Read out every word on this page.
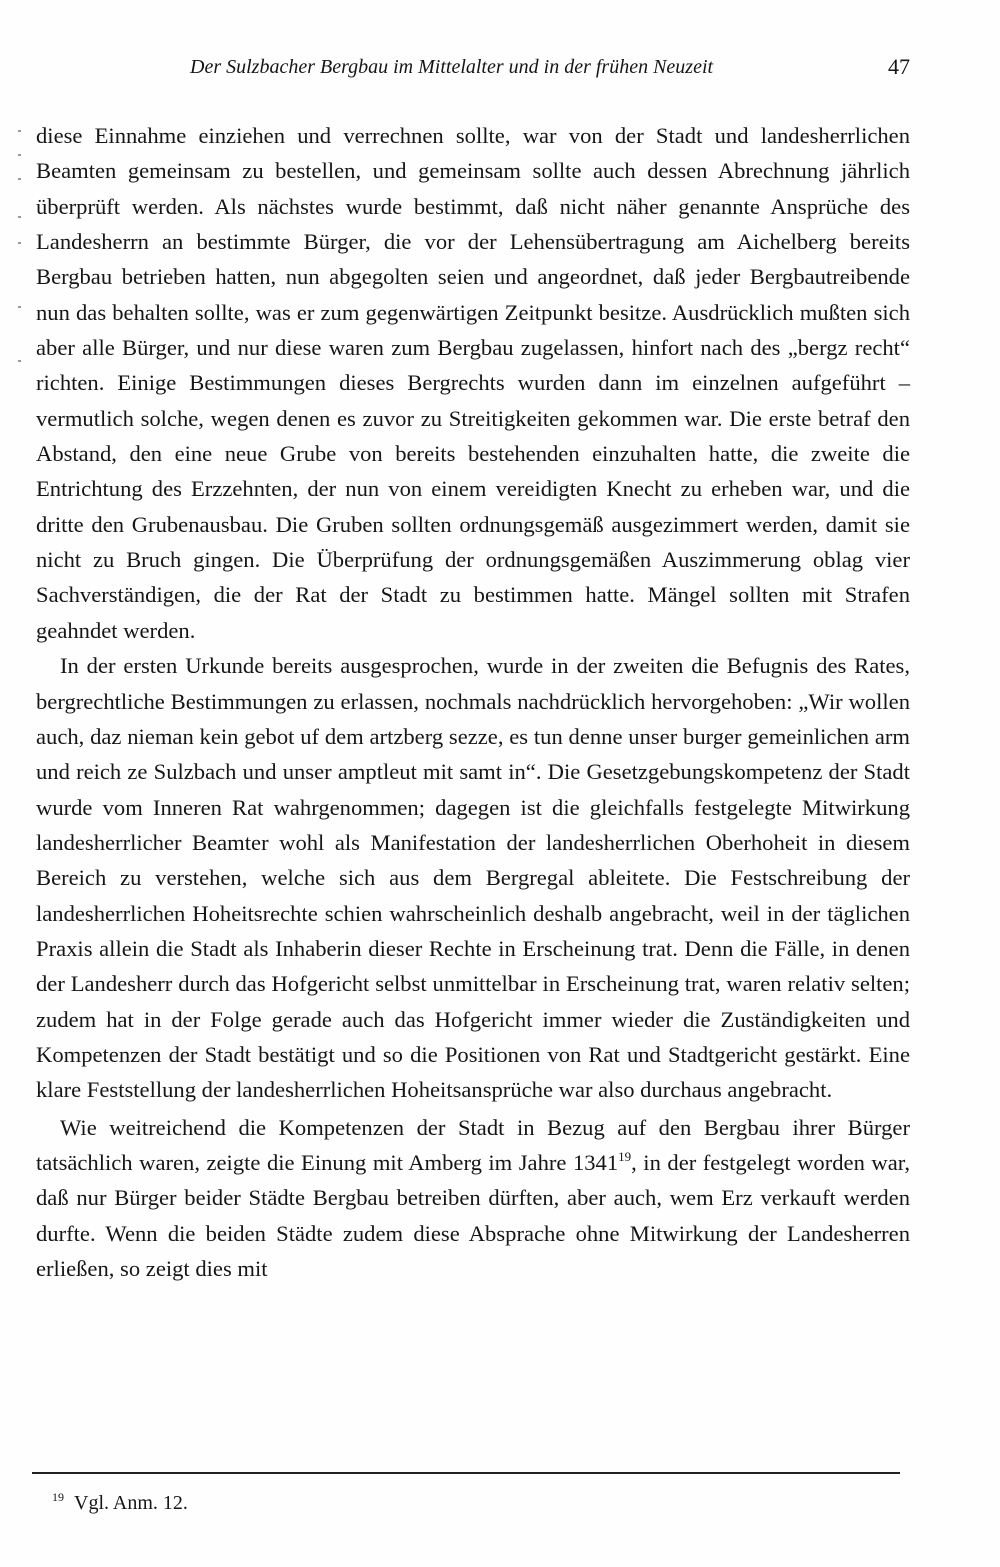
Der Sulzbacher Bergbau im Mittelalter und in der frühen Neuzeit	47

diese Einnahme einziehen und verrechnen sollte, war von der Stadt und landesherrlichen Beamten gemeinsam zu bestellen, und gemeinsam sollte auch dessen Abrechnung jährlich überprüft werden. Als nächstes wurde bestimmt, daß nicht näher genannte Ansprüche des Landesherrn an bestimmte Bürger, die vor der Lehensübertragung am Aichelberg bereits Bergbau betrieben hatten, nun abgegolten seien und angeordnet, daß jeder Bergbautreibende nun das behalten sollte, was er zum gegenwärtigen Zeitpunkt besitze. Ausdrücklich mußten sich aber alle Bürger, und nur diese waren zum Bergbau zugelassen, hinfort nach des „bergz recht“ richten. Einige Bestimmungen dieses Bergrechts wurden dann im einzelnen aufgeführt – vermutlich solche, wegen denen es zuvor zu Streitigkeiten gekommen war. Die erste betraf den Abstand, den eine neue Grube von bereits bestehenden einzuhalten hatte, die zweite die Entrichtung des Erzzehnten, der nun von einem vereidigten Knecht zu erheben war, und die dritte den Grubenausbau. Die Gruben sollten ordnungsgemäß ausgezimmert werden, damit sie nicht zu Bruch gingen. Die Überprüfung der ordnungsgemäßen Auszimmerung oblag vier Sachverständigen, die der Rat der Stadt zu bestimmen hatte. Mängel sollten mit Strafen geahndet werden.

In der ersten Urkunde bereits ausgesprochen, wurde in der zweiten die Befugnis des Rates, bergrechtliche Bestimmungen zu erlassen, nochmals nachdrücklich hervorgehoben: „Wir wollen auch, daz nieman kein gebot uf dem artzberg sezze, es tun denne unser burger gemeinlichen arm und reich ze Sulzbach und unser amptleut mit samt in“. Die Gesetzgebungskompetenz der Stadt wurde vom Inneren Rat wahrgenommen; dagegen ist die gleichfalls festgelegte Mitwirkung landesherrlicher Beamter wohl als Manifestation der landesherrlichen Oberhoheit in diesem Bereich zu verstehen, welche sich aus dem Bergregal ableitete. Die Festschreibung der landesherrlichen Hoheitsrechte schien wahrscheinlich deshalb angebracht, weil in der täglichen Praxis allein die Stadt als Inhaberin dieser Rechte in Erscheinung trat. Denn die Fälle, in denen der Landesherr durch das Hofgericht selbst unmittelbar in Erscheinung trat, waren relativ selten; zudem hat in der Folge gerade auch das Hofgericht immer wieder die Zuständigkeiten und Kompetenzen der Stadt bestätigt und so die Positionen von Rat und Stadtgericht gestärkt. Eine klare Feststellung der landesherrlichen Hoheitsansprüche war also durchaus angebracht.

Wie weitreichend die Kompetenzen der Stadt in Bezug auf den Bergbau ihrer Bürger tatsächlich waren, zeigte die Einung mit Amberg im Jahre 1341$^{19}$, in der festgelegt worden war, daß nur Bürger beider Städte Bergbau betreiben dürften, aber auch, wem Erz verkauft werden durfte. Wenn die beiden Städte zudem diese Absprache ohne Mitwirkung der Landesherren erließen, so zeigt dies mit

$^{19}$ Vgl. Anm. 12.
